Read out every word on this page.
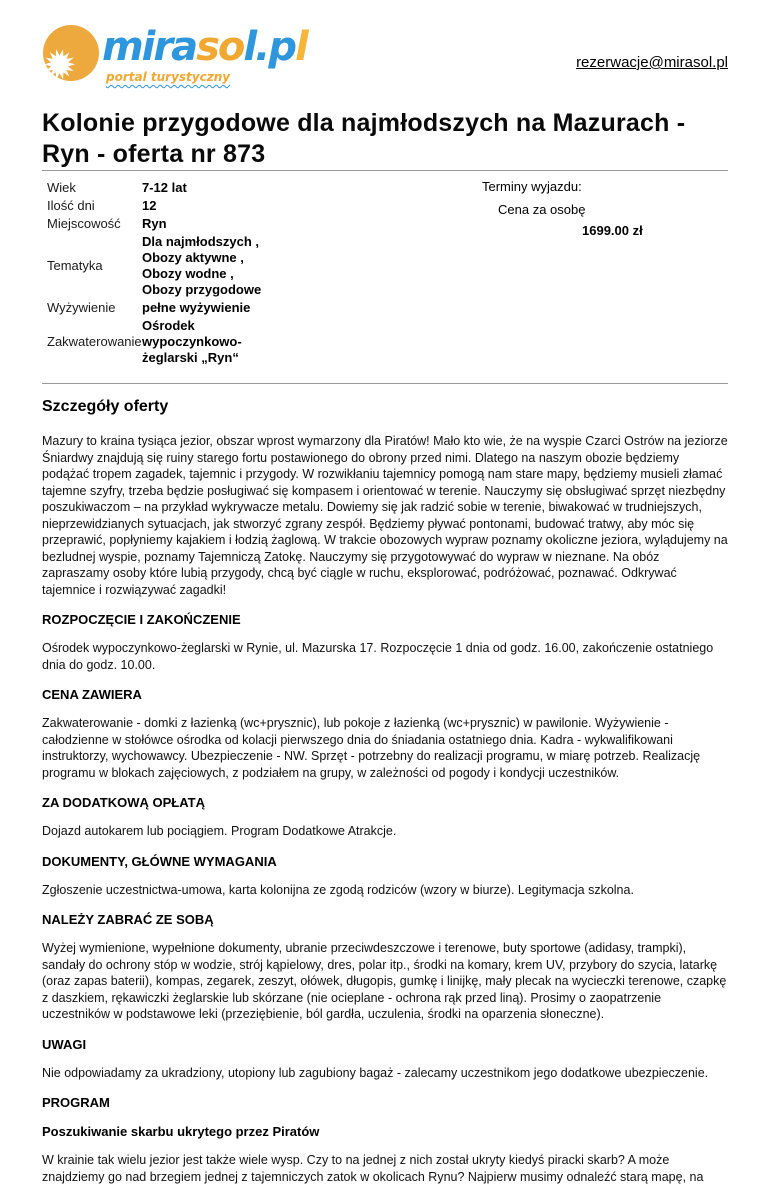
mirasol.pl
portal turystyczny
rezerwacje@mirasol.pl
Kolonie przygodowe dla najmłodszych na Mazurach - Ryn - oferta nr 873
Wiek	7-12 lat
Ilość dni	12
Miejscowość	Ryn
Tematyka	Dla najmłodszych , Obozy aktywne , Obozy wodne , Obozy przygodowe
Wyżywienie	pełne wyżywienie
Zakwaterowanie	Ośrodek wypoczynkowo-żeglarski „Ryn“
Terminy wyjazdu:
Cena za osobę
1699.00 zł
Szczegóły oferty

Mazury to kraina tysiąca jezior, obszar wprost wymarzony dla Piratów! Mało kto wie, że na wyspie Czarci Ostrów na jeziorze Śniardwy znajdują się ruiny starego fortu postawionego do obrony przed nimi. Dlatego na naszym obozie będziemy podążać tropem zagadek, tajemnic i przygody. W rozwikłaniu tajemnicy pomogą nam stare mapy, będziemy musieli złamać tajemne szyfry, trzeba będzie posługiwać się kompasem i orientować w terenie. Nauczymy się obsługiwać sprzęt niezbędny poszukiwaczom – na przykład wykrywacze metalu. Dowiemy się jak radzić sobie w terenie, biwakować w trudniejszych, nieprzewidzianych sytuacjach, jak stworzyć zgrany zespół. Będziemy pływać pontonami, budować tratwy, aby móc się przeprawić, popłyniemy kajakiem i łodzią żaglową. W trakcie obozowych wypraw poznamy okoliczne jeziora, wylądujemy na bezludnej wyspie, poznamy Tajemniczą Zatokę. Nauczymy się przygotowywać do wypraw w nieznane. Na obóz zapraszamy osoby które lubią przygody, chcą być ciągle w ruchu, eksplorować, podróżować, poznawać. Odkrywać tajemnice i rozwiązywać zagadki!

ROZPOCZĘCIE I ZAKOŃCZENIE

Ośrodek wypoczynkowo-żeglarski w Rynie, ul. Mazurska 17. Rozpoczęcie 1 dnia od godz. 16.00, zakończenie ostatniego dnia do godz. 10.00.

CENA ZAWIERA

Zakwaterowanie - domki z łazienką (wc+prysznic), lub pokoje z łazienką (wc+prysznic) w pawilonie. Wyżywienie - całodzienne w stołówce ośrodka od kolacji pierwszego dnia do śniadania ostatniego dnia. Kadra - wykwalifikowani instruktorzy, wychowawcy. Ubezpieczenie - NW. Sprzęt - potrzebny do realizacji programu, w miarę potrzeb. Realizację programu w blokach zajęciowych, z podziałem na grupy, w zależności od pogody i kondycji uczestników.

ZA DODATKOWĄ OPŁATĄ

Dojazd autokarem lub pociągiem. Program Dodatkowe Atrakcje.

DOKUMENTY, GŁÓWNE WYMAGANIA

Zgłoszenie uczestnictwa-umowa, karta kolonijna ze zgodą rodziców (wzory w biurze). Legitymacja szkolna.

NALEŻY ZABRAĆ ZE SOBĄ

Wyżej wymienione, wypełnione dokumenty, ubranie przeciwdeszczowe i terenowe, buty sportowe (adidasy, trampki), sandały do ochrony stóp w wodzie, strój kąpielowy, dres, polar itp., środki na komary, krem UV, przybory do szycia, latarkę (oraz zapas baterii), kompas, zegarek, zeszyt, ołówek, długopis, gumkę i linijkę, mały plecak na wycieczki terenowe, czapkę z daszkiem, rękawiczki żeglarskie lub skórzane (nie ocieplane - ochrona rąk przed liną). Prosimy o zaopatrzenie uczestników w podstawowe leki (przeziębienie, ból gardła, uczulenia, środki na oparzenia słoneczne).

UWAGI

Nie odpowiadamy za ukradziony, utopiony lub zagubiony bagaż - zalecamy uczestnikom jego dodatkowe ubezpieczenie.

PROGRAM
Poszukiwanie skarbu ukrytego przez Piratów

W krainie tak wielu jezior jest także wiele wysp. Czy to na jednej z nich został ukryty kiedyś piracki skarb? A może znajdziemy go nad brzegiem jednej z tajemniczych zatok w okolicach Rynu? Najpierw musimy odnaleźć starą mapę, na
